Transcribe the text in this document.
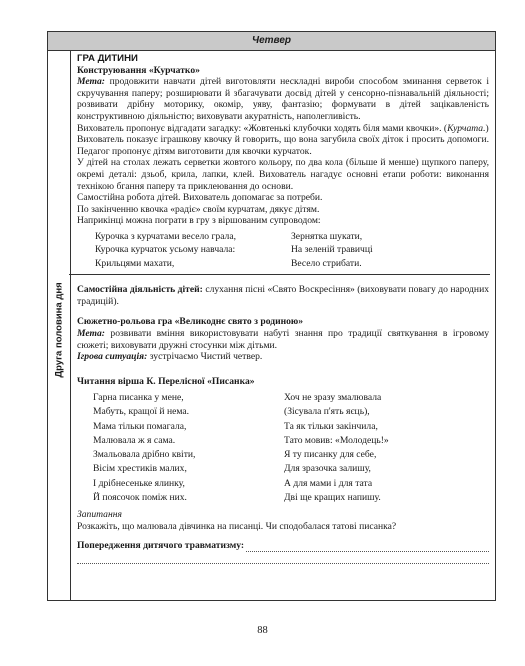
Четвер
Друга половина дня
ГРА ДИТИНИ
Конструювання «Курчатко»

Мета: продовжити навчати дітей виготовляти нескладні вироби способом зминання серветок і скручування паперу; розширювати й збагачувати досвід дітей у сенсорно-пізнавальній діяльності; розвивати дрібну моторику, окомір, уяву, фантазію; формувати в дітей зацікавленість конструктивною діяльністю; виховувати акуратність, наполегливість.

Вихователь пропонує відгадати загадку: «Жовтенькі клубочки ходять біля мами квочки». (Курчата.)

Вихователь показує іграшкову квочку й говорить, що вона загубила своїх діток і просить допомоги. Педагог пропонує дітям виготовити для квочки курчаток.

У дітей на столах лежать серветки жовтого кольору, по два кола (більше й менше) щупкого паперу, окремі деталі: дзьоб, крила, лапки, клей. Вихователь нагадує основні етапи роботи: виконання технікою бгання паперу та приклеювання до основи.

Самостійна робота дітей. Вихователь допомагає за потреби.

По закінченню квочка «радіє» своїм курчатам, дякує дітям.

Наприкінці можна пограти в гру з віршованим супроводом:

Курочка з курчатами весело грала,
Курочка курчаток усьому навчала:
Крильцями махати,
Зернятка шукати,
На зеленій травичці
Весело стрибати.

Самостійна діяльність дітей: слухання пісні «Свято Воскресіння» (виховувати повагу до народних традицій).

Сюжетно-рольова гра «Великоднє свято з родиною»

Мета: розвивати вміння використовувати набуті знання про традиції святкування в ігровому сюжеті; виховувати дружні стосунки між дітьми.

Ігрова ситуація: зустрічаємо Чистий четвер.

Читання вірша К. Перелісної «Писанка»
Гарна писанка у мене,
Мабуть, кращої й нема.
Мама тільки помагала,
Малювала ж я сама.
Змальовала дрібно квіти,
Вісім хрестиків малих,
І дрібнесеньке ялинку,
Й поясочок поміж них.
Хоч не зразу змалювала
(Зісувала п'ять яєць),
Та як тільки закінчила,
Тато мовив: «Молодець!»
Я ту писанку для себе,
Для зразочка залишу,
А для мами і для тата
Дві ще кращих напишу.
Запитання

Розкажіть, що малювала дівчинка на писанці. Чи сподобалася татові писанка?

Попередження дитячого травматизму:
88
